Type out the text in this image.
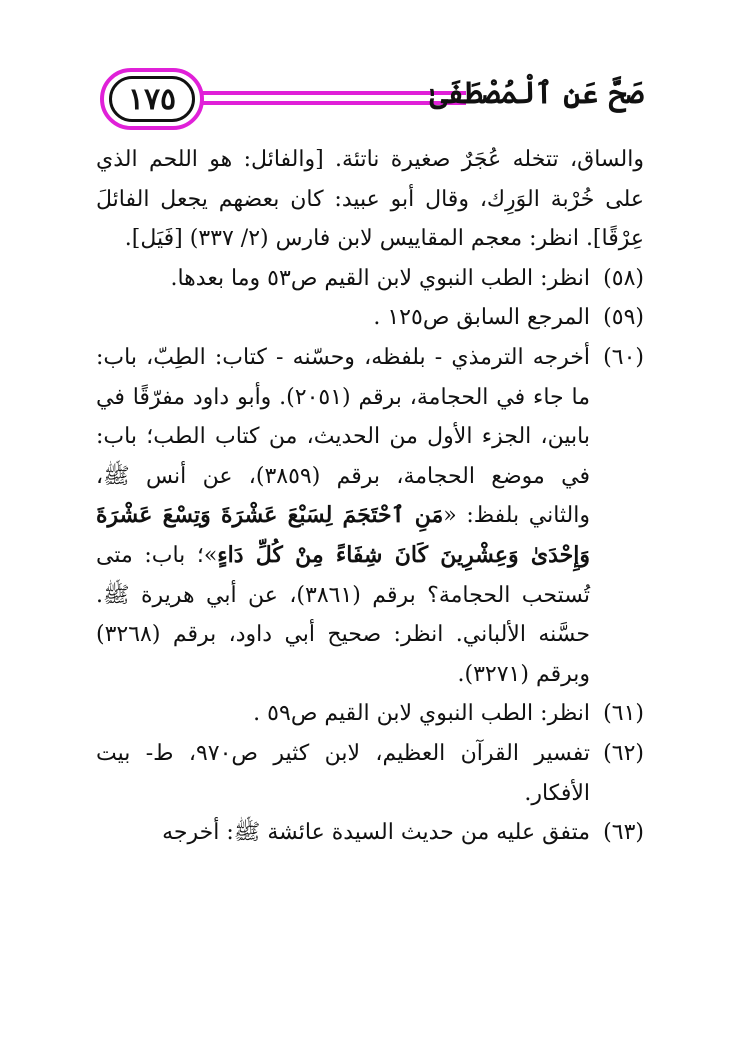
١٧٥	صَحَّ عَنِ ٱلْمُصْطَفَىٰ

والساق، تتخله عُجَرٌ صغيرة ناتئة. [والفائل: هو اللحم الذي على خُرْبة الوَرِك، وقال أبو عبيد: كان بعضهم يجعل الفائلَ عِرْقًا]. انظر: معجم المقاييس لابن فارس (٢/ ٣٣٧) [فَيَل].

(٥٨)
انظر: الطب النبوي لابن القيم ص٥٣ وما بعدها.
(٥٩)
المرجع السابق ص١٢٥ .
(٦٠)
أخرجه الترمذي - بلفظه، وحسّنه - كتاب: الطِبّ، باب: ما جاء في الحجامة، برقم (٢٠٥١). وأبو داود مفرّقًا في بابين، الجزء الأول من الحديث، من كتاب الطب؛ باب: في موضع الحجامة، برقم (٣٨٥٩)، عن أنس ﷺ، والثاني بلفظ: «مَنِ ٱحْتَجَمَ لِسَبْعَ عَشْرَةَ وَتِسْعَ عَشْرَةَ وَإِحْدَىٰ وَعِشْرِينَ كَانَ شِفَاءً مِنْ كُلِّ دَاءٍ»؛ باب: متى تُستحب الحجامة؟ برقم (٣٨٦١)، عن أبي هريرة ﷺ. حسَّنه الألباني. انظر: صحيح أبي داود، برقم (٣٢٦٨) وبرقم (٣٢٧١).
(٦١)
انظر: الطب النبوي لابن القيم ص٥٩ .
(٦٢)
تفسير القرآن العظيم، لابن كثير ص٩٧٠، ط- بيت الأفكار.
(٦٣)
متفق عليه من حديث السيدة عائشة ﷺ: أخرجه
